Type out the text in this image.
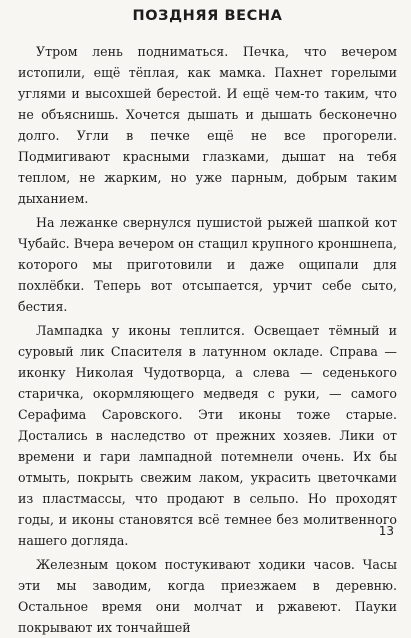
ПОЗДНЯЯ ВЕСНА

Утром лень подниматься. Печка, что вечером истопили, ещё тёплая, как мамка. Пахнет горелыми углями и высохшей берестой. И ещё чем-то таким, что не объяснишь. Хочется дышать и дышать бесконечно долго. Угли в печке ещё не все прогорели. Подмигивают красными глазками, дышат на тебя теплом, не жарким, но уже парным, добрым таким дыханием.

На лежанке свернулся пушистой рыжей шапкой кот Чубайс. Вчера вечером он стащил крупного кроншнепа, которого мы приготовили и даже ощипали для похлёбки. Теперь вот отсыпается, урчит себе сыто, бестия.

Лампадка у иконы теплится. Освещает тёмный и суровый лик Спасителя в латунном окладе. Справа — иконку Николая Чудотворца, а слева — седенького старичка, окормляющего медведя с руки, — самого Серафима Саровского. Эти иконы тоже старые. Достались в наследство от прежних хозяев. Лики от времени и гари лампадной потемнели очень. Их бы отмыть, покрыть свежим лаком, украсить цветочками из пластмассы, что продают в сельпо. Но проходят годы, и иконы становятся всё темнее без молитвенного нашего догляда.

Железным цоком постукивают ходики часов. Часы эти мы заводим, когда приезжаем в деревню. Остальное время они молчат и ржавеют. Пауки покрывают их тончайшей

13
